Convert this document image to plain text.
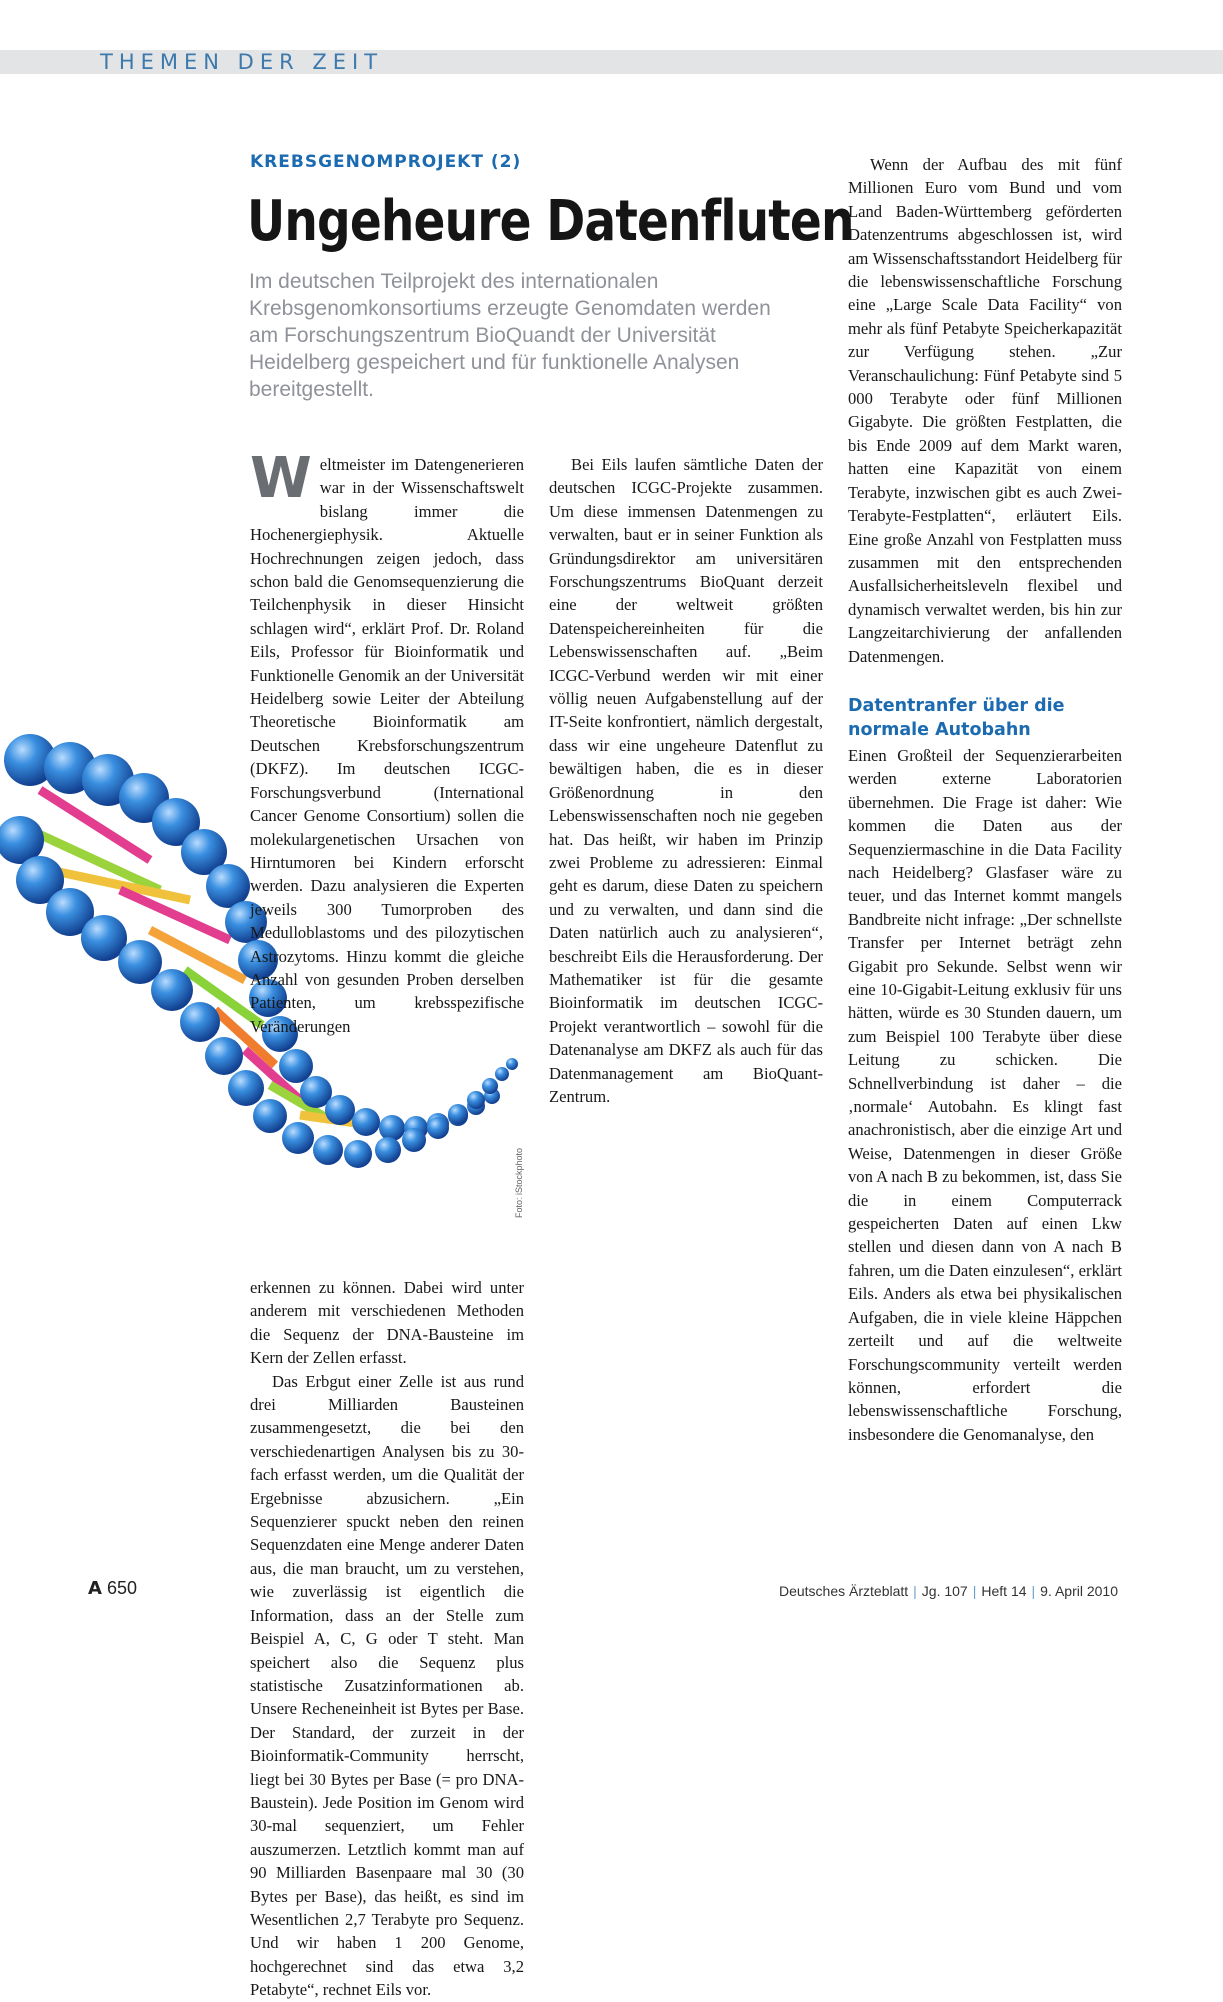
THEMEN DER ZEIT
KREBSGENOMPROJEKT (2)
Ungeheure Datenfluten
Im deutschen Teilprojekt des internationalen Krebsgenomkonsortiums erzeugte Genomdaten werden am Forschungszentrum BioQuandt der Universität Heidelberg gespeichert und für funktionelle Analysen bereitgestellt.
Foto: iStockphoto

W eltmeister im Datengenerieren war in der Wissenschaftswelt bislang immer die Hochenergiephysik. Aktuelle Hochrechnungen zeigen jedoch, dass schon bald die Genomsequenzierung die Teilchenphysik in dieser Hinsicht schlagen wird“, erklärt Prof. Dr. Roland Eils, Professor für Bioinformatik und Funktionelle Genomik an der Universität Heidelberg sowie Leiter der Abteilung Theoretische Bioinformatik am Deutschen Krebsforschungszentrum (DKFZ). Im deutschen ICGC-Forschungsverbund (International Cancer Genome Consortium) sollen die molekulargenetischen Ursachen von Hirntumoren bei Kindern erforscht werden. Dazu analysieren die Experten jeweils 300 Tumorproben des Medulloblastoms und des pilozytischen Astrozytoms. Hinzu kommt die gleiche Anzahl von gesunden Proben derselben Patienten, um krebsspezifische Veränderungen

erkennen zu können. Dabei wird unter anderem mit verschiedenen Methoden die Sequenz der DNA-Bausteine im Kern der Zellen erfasst.

Das Erbgut einer Zelle ist aus rund drei Milliarden Bausteinen zusammengesetzt, die bei den verschiedenartigen Analysen bis zu 30-fach erfasst werden, um die Qualität der Ergebnisse abzusichern. „Ein Sequenzierer spuckt neben den reinen Sequenzdaten eine Menge anderer Daten aus, die man braucht, um zu verstehen, wie zuverlässig ist eigentlich die Information, dass an der Stelle zum Beispiel A, C, G oder T steht. Man speichert also die Sequenz plus statistische Zusatzinformationen ab. Unsere Recheneinheit ist Bytes per Base. Der Standard, der zurzeit in der Bioinformatik-Community herrscht, liegt bei 30 Bytes per Base (= pro DNA-Baustein). Jede Position im Genom wird 30-mal sequenziert, um Fehler auszumerzen. Letztlich kommt man auf 90 Milliarden Basenpaare mal 30 (30 Bytes per Base), das heißt, es sind im Wesentlichen 2,7 Terabyte pro Sequenz. Und wir haben 1 200 Genome, hochgerechnet sind das etwa 3,2 Petabyte“, rechnet Eils vor.

Bei Eils laufen sämtliche Daten der deutschen ICGC-Projekte zusammen. Um diese immensen Datenmengen zu verwalten, baut er in seiner Funktion als Gründungsdirektor am universitären Forschungszentrums BioQuant derzeit eine der weltweit größten Datenspeichereinheiten für die Lebenswissenschaften auf. „Beim ICGC-Verbund werden wir mit einer völlig neuen Aufgabenstellung auf der IT-Seite konfrontiert, nämlich dergestalt, dass wir eine ungeheure Datenflut zu bewältigen haben, die es in dieser Größenordnung in den Lebenswissenschaften noch nie gegeben hat. Das heißt, wir haben im Prinzip zwei Probleme zu adressieren: Einmal geht es darum, diese Daten zu speichern und zu verwalten, und dann sind die Daten natürlich auch zu analysieren“, beschreibt Eils die Herausforderung. Der Mathematiker ist für die gesamte Bioinformatik im deutschen ICGC-Projekt verantwortlich – sowohl für die Datenanalyse am DKFZ als auch für das Datenmanagement am BioQuant-Zentrum.

Wenn der Aufbau des mit fünf Millionen Euro vom Bund und vom Land Baden-Württemberg geförderten Datenzentrums abgeschlossen ist, wird am Wissenschaftsstandort Heidelberg für die lebenswissenschaftliche Forschung eine „Large Scale Data Facility“ von mehr als fünf Petabyte Speicherkapazität zur Verfügung stehen. „Zur Veranschaulichung: Fünf Petabyte sind 5 000 Terabyte oder fünf Millionen Gigabyte. Die größten Festplatten, die bis Ende 2009 auf dem Markt waren, hatten eine Kapazität von einem Terabyte, inzwischen gibt es auch Zwei-Terabyte-Festplatten“, erläutert Eils. Eine große Anzahl von Festplatten muss zusammen mit den entsprechenden Ausfallsicherheitsleveln flexibel und dynamisch verwaltet werden, bis hin zur Langzeitarchivierung der anfallenden Datenmengen.

Datentranfer über die normale Autobahn

Einen Großteil der Sequenzierarbeiten werden externe Laboratorien übernehmen. Die Frage ist daher: Wie kommen die Daten aus der Sequenziermaschine in die Data Facility nach Heidelberg? Glasfaser wäre zu teuer, und das Internet kommt mangels Bandbreite nicht infrage: „Der schnellste Transfer per Internet beträgt zehn Gigabit pro Sekunde. Selbst wenn wir eine 10-Gigabit-Leitung exklusiv für uns hätten, würde es 30 Stunden dauern, um zum Beispiel 100 Terabyte über diese Leitung zu schicken. Die Schnellverbindung ist daher – die ‚normale‘ Autobahn. Es klingt fast anachronistisch, aber die einzige Art und Weise, Datenmengen in dieser Größe von A nach B zu bekommen, ist, dass Sie die in einem Computerrack gespeicherten Daten auf einen Lkw stellen und diesen dann von A nach B fahren, um die Daten einzulesen“, erklärt Eils. Anders als etwa bei physikalischen Aufgaben, die in viele kleine Häppchen zerteilt und auf die weltweite Forschungscommunity verteilt werden können, erfordert die lebenswissenschaftliche Forschung, insbesondere die Genomanalyse, den

A 650	Deutsches Ärzteblatt | Jg. 107 | Heft 14 | 9. April 2010
